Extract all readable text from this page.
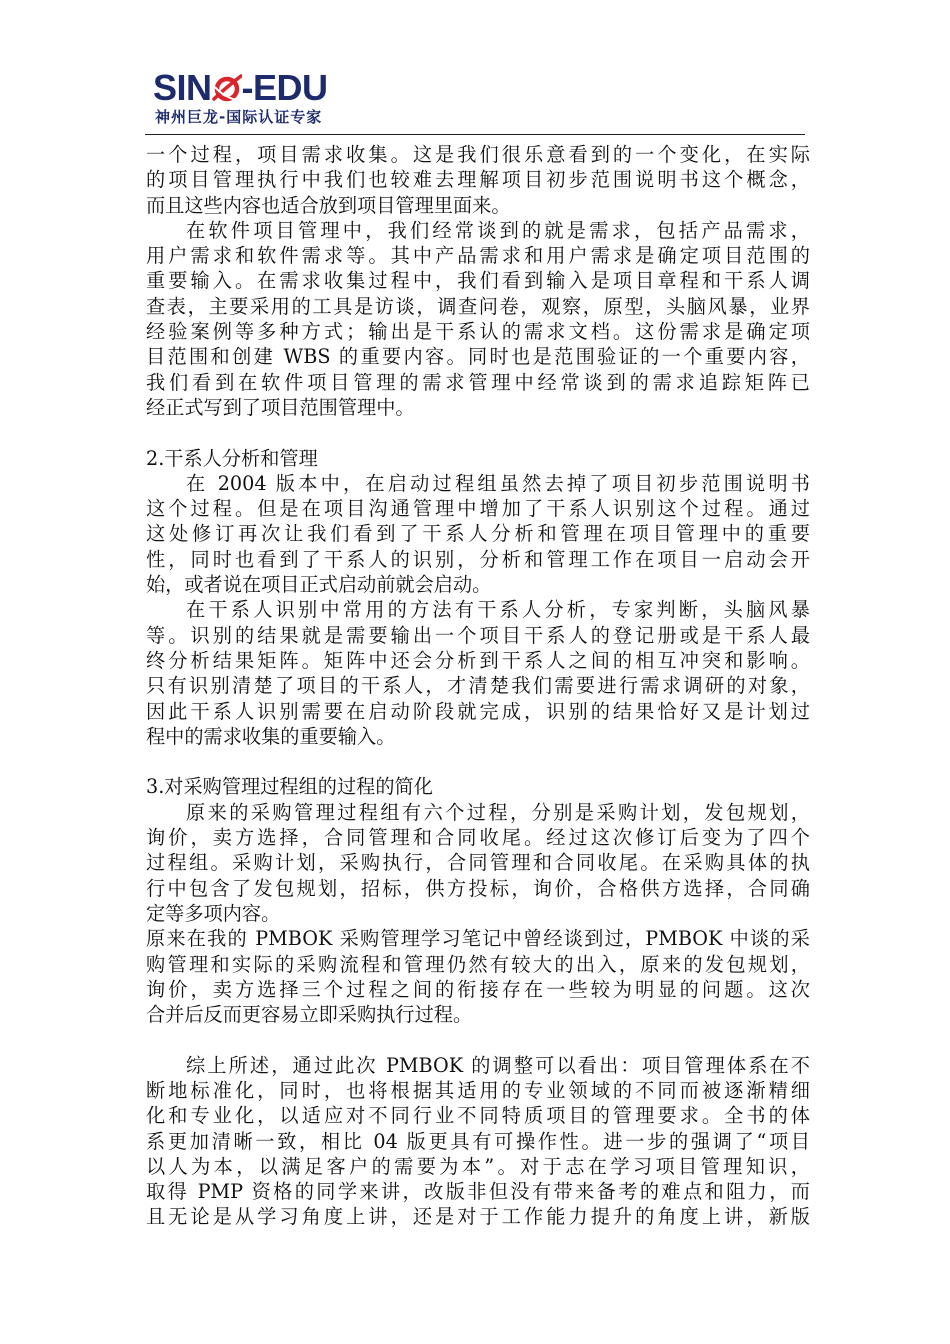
SIN -EDU
神州巨龙-国际认证专家
一个过程，项目需求收集。这是我们很乐意看到的一个变化，在实际
的项目管理执行中我们也较难去理解项目初步范围说明书这个概念，
而且这些内容也适合放到项目管理里面来。
在软件项目管理中，我们经常谈到的就是需求，包括产品需求，
用户需求和软件需求等。其中产品需求和用户需求是确定项目范围的
重要输入。在需求收集过程中，我们看到输入是项目章程和干系人调
查表，主要采用的工具是访谈，调查问卷，观察，原型，头脑风暴，业界
经验案例等多种方式；输出是干系认的需求文档。这份需求是确定项
目范围和创建 WBS 的重要内容。同时也是范围验证的一个重要内容，
我们看到在软件项目管理的需求管理中经常谈到的需求追踪矩阵已
经正式写到了项目范围管理中。
2.干系人分析和管理
在 2004 版本中，在启动过程组虽然去掉了项目初步范围说明书
这个过程。但是在项目沟通管理中增加了干系人识别这个过程。通过
这处修订再次让我们看到了干系人分析和管理在项目管理中的重要
性，同时也看到了干系人的识别，分析和管理工作在项目一启动会开
始，或者说在项目正式启动前就会启动。
在干系人识别中常用的方法有干系人分析，专家判断，头脑风暴
等。识别的结果就是需要输出一个项目干系人的登记册或是干系人最
终分析结果矩阵。矩阵中还会分析到干系人之间的相互冲突和影响。
只有识别清楚了项目的干系人，才清楚我们需要进行需求调研的对象，
因此干系人识别需要在启动阶段就完成，识别的结果恰好又是计划过
程中的需求收集的重要输入。
3.对采购管理过程组的过程的简化
原来的采购管理过程组有六个过程，分别是采购计划，发包规划，
询价，卖方选择，合同管理和合同收尾。经过这次修订后变为了四个
过程组。采购计划，采购执行，合同管理和合同收尾。在采购具体的执
行中包含了发包规划，招标，供方投标，询价，合格供方选择，合同确
定等多项内容。
原来在我的 PMBOK 采购管理学习笔记中曾经谈到过，PMBOK 中谈的采
购管理和实际的采购流程和管理仍然有较大的出入，原来的发包规划，
询价，卖方选择三个过程之间的衔接存在一些较为明显的问题。这次
合并后反而更容易立即采购执行过程。
综上所述，通过此次 PMBOK 的调整可以看出：项目管理体系在不
断地标准化，同时，也将根据其适用的专业领域的不同而被逐渐精细
化和专业化，以适应对不同行业不同特质项目的管理要求。全书的体
系更加清晰一致，相比 04 版更具有可操作性。进一步的强调了“项目
以人为本，以满足客户的需要为本”。对于志在学习项目管理知识，
取得 PMP 资格的同学来讲，改版非但没有带来备考的难点和阻力，而
且无论是从学习角度上讲，还是对于工作能力提升的角度上讲，新版
